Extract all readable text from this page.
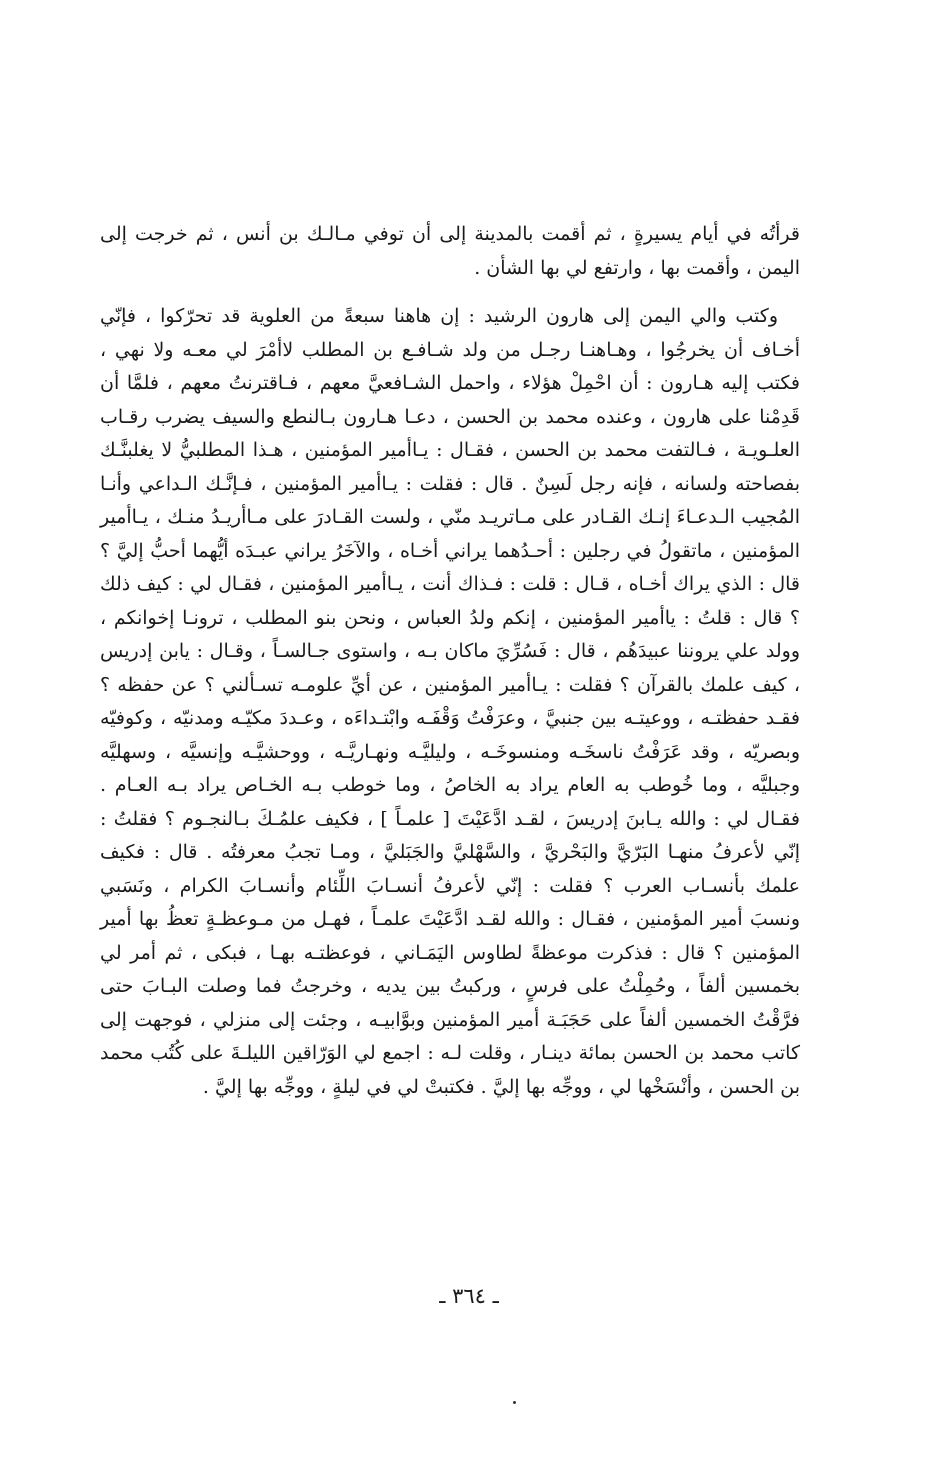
قرأتُه في أيام يسيرةٍ ، ثم أقمت بالمدينة إلى أن توفي مـالـك بن أنس ، ثم خرجت إلى اليمن ، وأقمت بها ، وارتفع لي بها الشأن .

وكتب والي اليمن إلى هارون الرشيد : إن هاهنا سبعةً من العلوية قد تحرّكوا ، فإنّي أخـاف أن يخرجُوا ، وهـاهنـا رجـل من ولد شـافـع بن المطلب لاأمْرَ لي معـه ولا نهي ، فكتب إليه هـارون : أن احْمِلْ هؤلاء ، واحمل الشـافعيَّ معهم ، فـاقترنتُ معهم ، فلمَّا أن قَدِمْنا على هارون ، وعنده محمد بن الحسن ، دعـا هـارون بـالنطع والسيف يضرب رقـاب العلـويـة ، فـالتفت محمد بن الحسن ، فقـال : يـاأمير المؤمنين ، هـذا المطلبيُّ لا يغلبنَّـك بفصاحته ولسانه ، فإنه رجل لَسِنٌ . قال : فقلت : يـاأمير المؤمنين ، فـإنَّـك الـداعي وأنـا المُجيب الـدعـاءَ إنـك القـادر على مـاتريـد منّي ، ولست القـادرَ على مـاأريـدُ منـك ، يـاأمير المؤمنين ، ماتقولُ في رجلين : أحـدُهما يراني أخـاه ، والآخَرُ يراني عبـدَه أيُّهما أحبُّ إليَّ ؟ قال : الذي يراك أخـاه ، قـال : قلت : فـذاك أنت ، يـاأمير المؤمنين ، فقـال لي : كيف ذلك ؟ قال : قلتُ : ياأمير المؤمنين ، إنكم ولدُ العباس ، ونحن بنو المطلب ، ترونـا إخوانكم ، وولد علي يروننا عبيدَهُم ، قال : فَسُرِّيَ ماكان بـه ، واستوى جـالسـاً ، وقـال : يابن إدريس ، كيف علمك بالقرآن ؟ فقلت : يـاأمير المؤمنين ، عن أيِّ علومـه تسـألني ؟ عن حفظه ؟ فقـد حفظتـه ، ووعيتـه بين جنبيَّ ، وعرَفْتُ وَقْفَـه وابْتـداءَه ، وعـددَ مكيّـه ومدنيّه ، وكوفيّه وبصريّه ، وقد عَرَفْتُ ناسخَـه ومنسوخَـه ، وليليَّـه ونهـاريَّـه ، ووحشيَّـه وإنسيَّه ، وسهليَّه وجبليَّه ، وما خُوطب به العام يراد به الخاصُ ، وما خوطب بـه الخـاص يراد بـه العـام . فقـال لي : والله يـابنَ إدريسَ ، لقـد ادَّعَيْتَ [ علمـاً ] ، فكيف علمُـكَ بـالنجـوم ؟ فقلتُ : إنّي لأعرفُ منهـا البَرّيَّ والبَحْريَّ ، والسَّهْليَّ والجَبَليَّ ، ومـا تجبُ معرفتُه . قال : فكيف علمك بأنسـاب العرب ؟ فقلت : إنّي لأعرفُ أنسـابَ اللِّئام وأنسـابَ الكرام ، ونَسَبي ونسبَ أمير المؤمنين ، فقـال : والله لقـد ادَّعَيْتَ علمـاً ، فهـل من مـوعظـةٍ تعظُ بها أمير المؤمنين ؟ قال : فذكرت موعظةً لطاوس اليَمَـاني ، فوعظتـه بهـا ، فبكى ، ثم أمر لي بخمسين ألفاً ، وحُمِلْتُ على فرسٍ ، وركبتُ بين يديه ، وخرجتُ فما وصلت البـابَ حتى فرَّقْتُ الخمسين ألفاً على حَجَبَـة أمير المؤمنين وبوَّابيـه ، وجئت إلى منزلي ، فوجهت إلى كاتب محمد بن الحسن بمائة دينـار ، وقلت لـه : اجمع لي الوَرّاقين الليلـةَ على كُتُب محمد بن الحسن ، وأنْسَخْها لي ، ووجِّه بها إليَّ . فكتبتْ لي في ليلةٍ ، ووجِّه بها إليَّ .

ـ ٣٦٤ ـ
